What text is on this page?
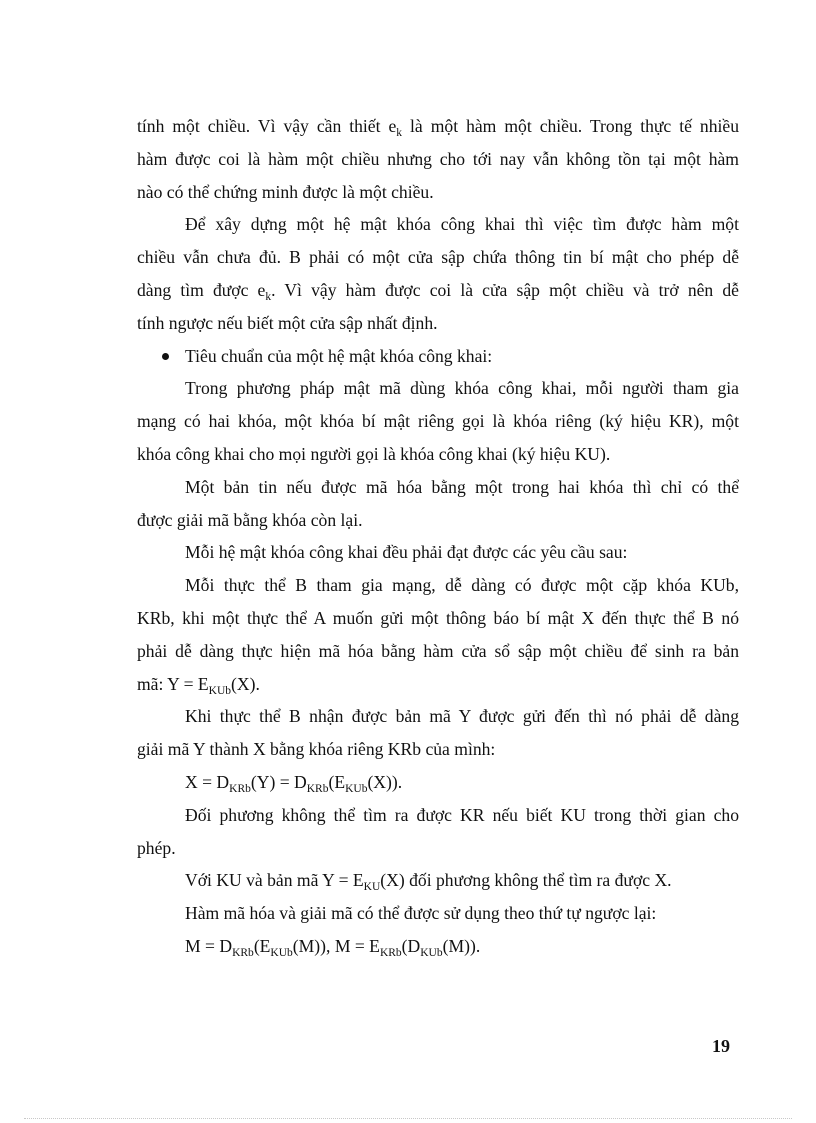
tính một chiều. Vì vậy cần thiết $e_k$ là một hàm một chiều. Trong thực tế nhiều
hàm được coi là hàm một chiều nhưng cho tới nay vẫn không tồn tại một hàm
nào có thể chứng minh được là một chiều.
Để xây dựng một hệ mật khóa công khai thì việc tìm được hàm một
chiều vẫn chưa đủ. B phải có một cửa sập chứa thông tin bí mật cho phép dễ
dàng tìm được $e_k$. Vì vậy hàm được coi là cửa sập một chiều và trở nên dễ
tính ngược nếu biết một cửa sập nhất định.
Tiêu chuẩn của một hệ mật khóa công khai:
Trong phương pháp mật mã dùng khóa công khai, mỗi người tham gia
mạng có hai khóa, một khóa bí mật riêng gọi là khóa riêng (ký hiệu KR), một
khóa công khai cho mọi người gọi là khóa công khai (ký hiệu KU).
Một bản tin nếu được mã hóa bằng một trong hai khóa thì chỉ có thể
được giải mã bằng khóa còn lại.
Mỗi hệ mật khóa công khai đều phải đạt được các yêu cầu sau:
Mỗi thực thể B tham gia mạng, dễ dàng có được một cặp khóa KUb,
KRb, khi một thực thể A muốn gửi một thông báo bí mật X đến thực thể B nó
phải dễ dàng thực hiện mã hóa bằng hàm cửa sổ sập một chiều để sinh ra bản
mã: $Y = E_{KUb}(X)$.
Khi thực thể B nhận được bản mã Y được gửi đến thì nó phải dễ dàng
giải mã Y thành X bằng khóa riêng KRb của mình:
$X = D_{KRb}(Y) = D_{KRb}(E_{KUb}(X))$.
Đối phương không thể tìm ra được KR nếu biết KU trong thời gian cho
phép.
Với KU và bản mã $Y = E_{KU}(X)$ đối phương không thể tìm ra được X.
Hàm mã hóa và giải mã có thể được sử dụng theo thứ tự ngược lại:
$M = D_{KRb}(E_{KUb}(M))$, $M = E_{KRb}(D_{KUb}(M))$.
19
